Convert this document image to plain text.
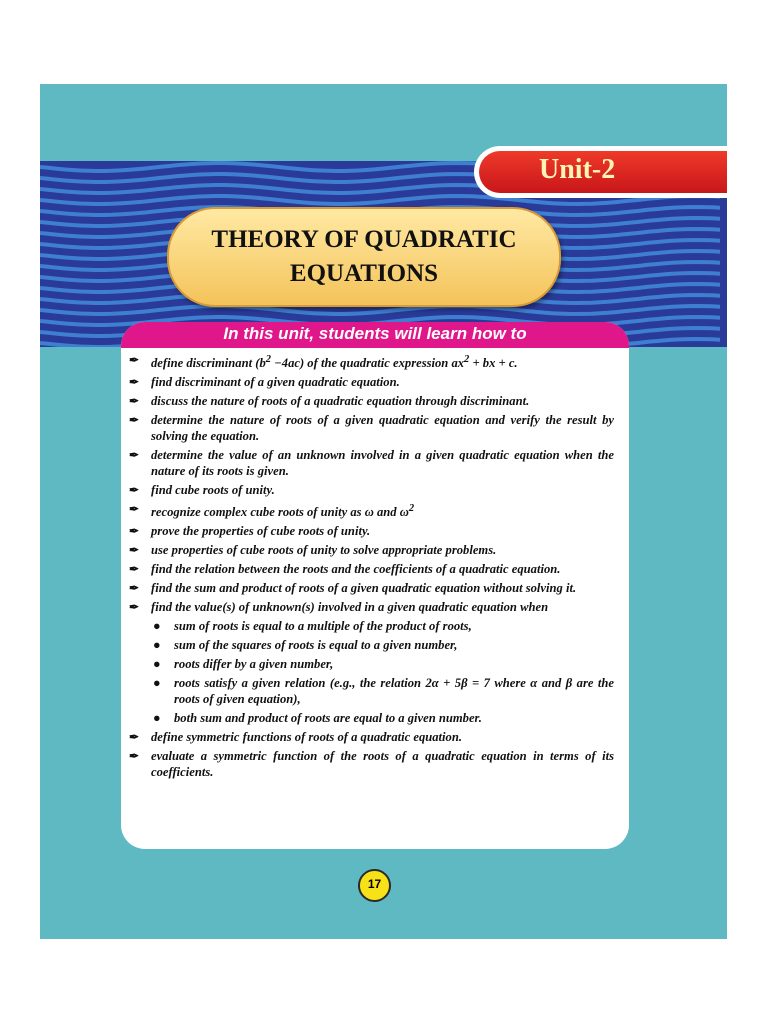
Unit-2
THEORY OF QUADRATIC
EQUATIONS
In this unit, students will learn how to
✒ define discriminant $(b^2 -4ac)$ of the quadratic expression $ax^2$ + bx + c.
✒ find discriminant of a given quadratic equation.
✒ discuss the nature of roots of a quadratic equation through discriminant.
✒ determine the nature of roots of a given quadratic equation and verify the result by solving the equation.
✒ determine the value of an unknown involved in a given quadratic equation when the nature of its roots is given.
✒ find cube roots of unity.
✒ recognize complex cube roots of unity as ω and $\omega^2$
✒ prove the properties of cube roots of unity.
✒ use properties of cube roots of unity to solve appropriate problems.
✒ find the relation between the roots and the coefficients of a quadratic equation.
✒ find the sum and product of roots of a given quadratic equation without solving it.
✒ find the value(s) of unknown(s) involved in a given quadratic equation when
● sum of roots is equal to a multiple of the product of roots,
● sum of the squares of roots is equal to a given number,
● roots differ by a given number,
● roots satisfy a given relation (e.g., the relation 2α + 5β = 7 where α and β are the roots of given equation),
● both sum and product of roots are equal to a given number.
✒ define symmetric functions of roots of a quadratic equation.
✒ evaluate a symmetric function of the roots of a quadratic equation in terms of its coefficients.
17
